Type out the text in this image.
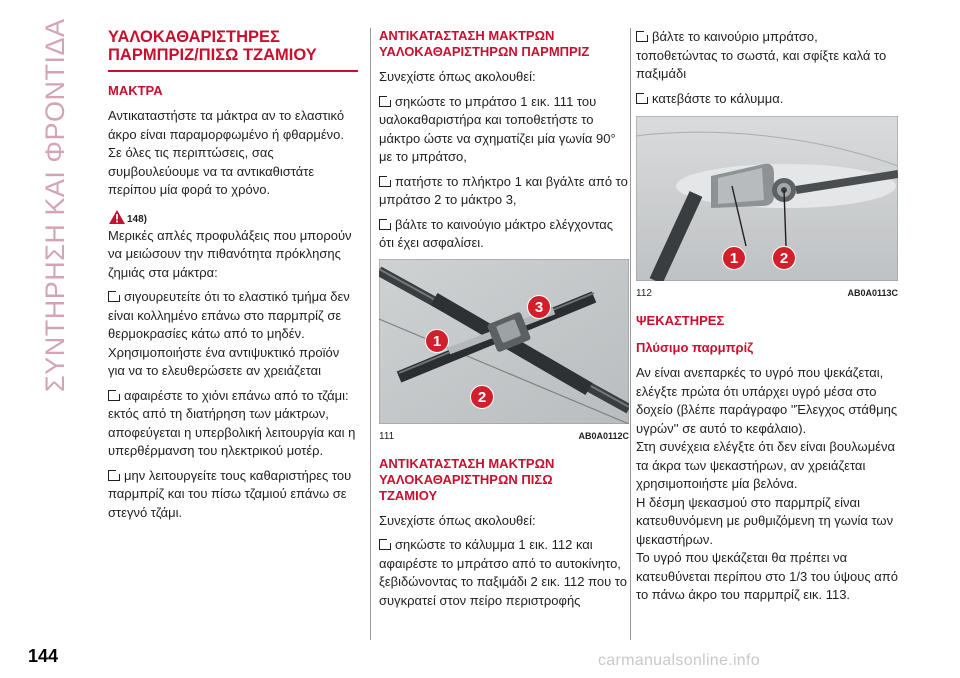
ΣΥΝΤΗΡΗΣΗ ΚΑΙ ΦΡΟΝΤΙΔΑ ΥΑΛΟΚΑΘΑΡΙΣΤΗΡΕΣ
ΠΑΡΜΠΡΙΖ/ΠΙΣΩ ΤΖΑΜΙΟΥ
ΜΑΚΤΡΑ
Αντικαταστήστε τα μάκτρα αν το ελαστικό άκρο είναι παραμορφωμένο ή φθαρμένο. Σε όλες τις περιπτώσεις, σας συμβουλεύουμε να τα αντικαθιστάτε περίπου μία φορά το χρόνο.
148)
Μερικές απλές προφυλάξεις που μπορούν να μειώσουν την πιθανότητα πρόκλησης ζημιάς στα μάκτρα:
σιγουρευτείτε ότι το ελαστικό τμήμα δεν είναι κολλημένο επάνω στο παρμπρίζ σε θερμοκρασίες κάτω από το μηδέν. Χρησιμοποιήστε ένα αντιψυκτικό προϊόν για να το ελευθερώσετε αν χρειάζεται
αφαιρέστε το χιόνι επάνω από το τζάμι: εκτός από τη διατήρηση των μάκτρων, αποφεύγεται η υπερβολική λειτουργία και η υπερθέρμανση του ηλεκτρικού μοτέρ.
μην λειτουργείτε τους καθαριστήρες του παρμπρίζ και του πίσω τζαμιού επάνω σε στεγνό τζάμι.
ΑΝΤΙΚΑΤΑΣΤΑΣΗ ΜΑΚΤΡΩΝ
ΥΑΛΟΚΑΘΑΡΙΣΤΗΡΩΝ ΠΑΡΜΠΡΙΖ
Συνεχίστε όπως ακολουθεί:
σηκώστε το μπράτσο 1 εικ. 111 του υαλοκαθαριστήρα και τοποθετήστε το μάκτρο ώστε να σχηματίζει μία γωνία 90° με το μπράτσο,
πατήστε το πλήκτρο 1 και βγάλτε από το μπράτσο 2 το μάκτρο 3,
βάλτε το καινούγιο μάκτρο ελέγχοντας ότι έχει ασφαλίσει.
1
2
3
111	AB0A0112C
ΑΝΤΙΚΑΤΑΣΤΑΣΗ ΜΑΚΤΡΩΝ
ΥΑΛΟΚΑΘΑΡΙΣΤΗΡΩΝ ΠΙΣΩ
ΤΖΑΜΙΟΥ
Συνεχίστε όπως ακολουθεί:
σηκώστε το κάλυμμα 1 εικ. 112 και αφαιρέστε το μπράτσο από το αυτοκίνητο, ξεβιδώνοντας το παξιμάδι 2 εικ. 112 που το συγκρατεί στον πείρο περιστροφής
βάλτε το καινούριο μπράτσο, τοποθετώντας το σωστά, και σφίξτε καλά το παξιμάδι
κατεβάστε το κάλυμμα.
1	2
112	AB0A0113C
ΨΕΚΑΣΤΗΡΕΣ
Πλύσιμο παρμπρίζ
Αν είναι ανεπαρκές το υγρό που ψεκάζεται, ελέγξτε πρώτα ότι υπάρχει υγρό μέσα στο δοχείο (βλέπε παράγραφο ''Έλεγχος στάθμης υγρών'' σε αυτό το κεφάλαιο).
Στη συνέχεια ελέγξτε ότι δεν είναι βουλωμένα τα άκρα των ψεκαστήρων, αν χρειάζεται χρησιμοποιήστε μία βελόνα.
Η δέσμη ψεκασμού στο παρμπρίζ είναι κατευθυνόμενη με ρυθμιζόμενη τη γωνία των ψεκαστήρων.
Το υγρό που ψεκάζεται θα πρέπει να κατευθύνεται περίπου στο 1/3 του ύψους από το πάνω άκρο του παρμπρίζ εικ. 113.
144	carmanualsonline.info
